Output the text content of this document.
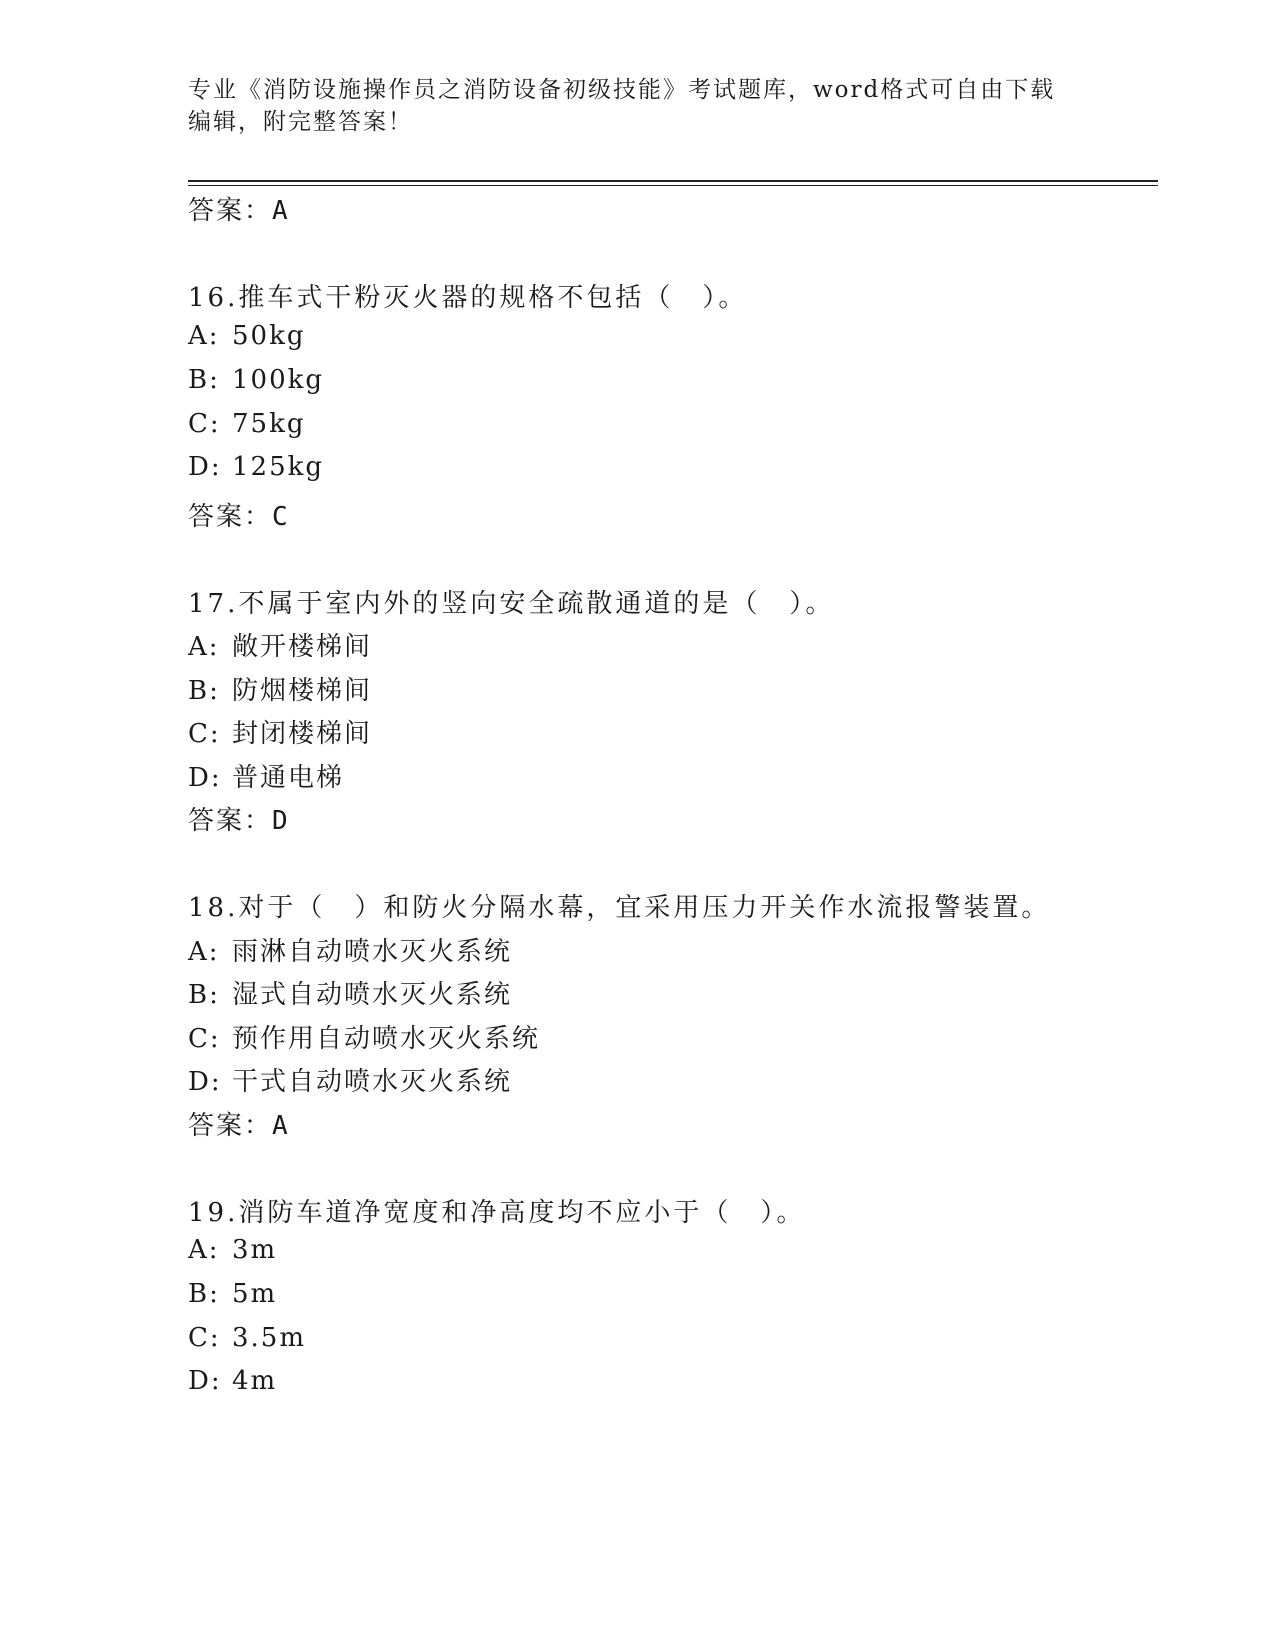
专业《消防设施操作员之消防设备初级技能》考试题库，word格式可自由下载编辑，附完整答案！
答案：A
16.推车式干粉灭火器的规格不包括（　）。
A: 50kg
B: 100kg
C: 75kg
D: 125kg
答案：C
17.不属于室内外的竖向安全疏散通道的是（　）。
A: 敞开楼梯间
B: 防烟楼梯间
C: 封闭楼梯间
D: 普通电梯
答案：D
18.对于（　）和防火分隔水幕，宜采用压力开关作水流报警装置。
A: 雨淋自动喷水灭火系统
B: 湿式自动喷水灭火系统
C: 预作用自动喷水灭火系统
D: 干式自动喷水灭火系统
答案：A
19.消防车道净宽度和净高度均不应小于（　）。
A: 3m
B: 5m
C: 3.5m
D: 4m
